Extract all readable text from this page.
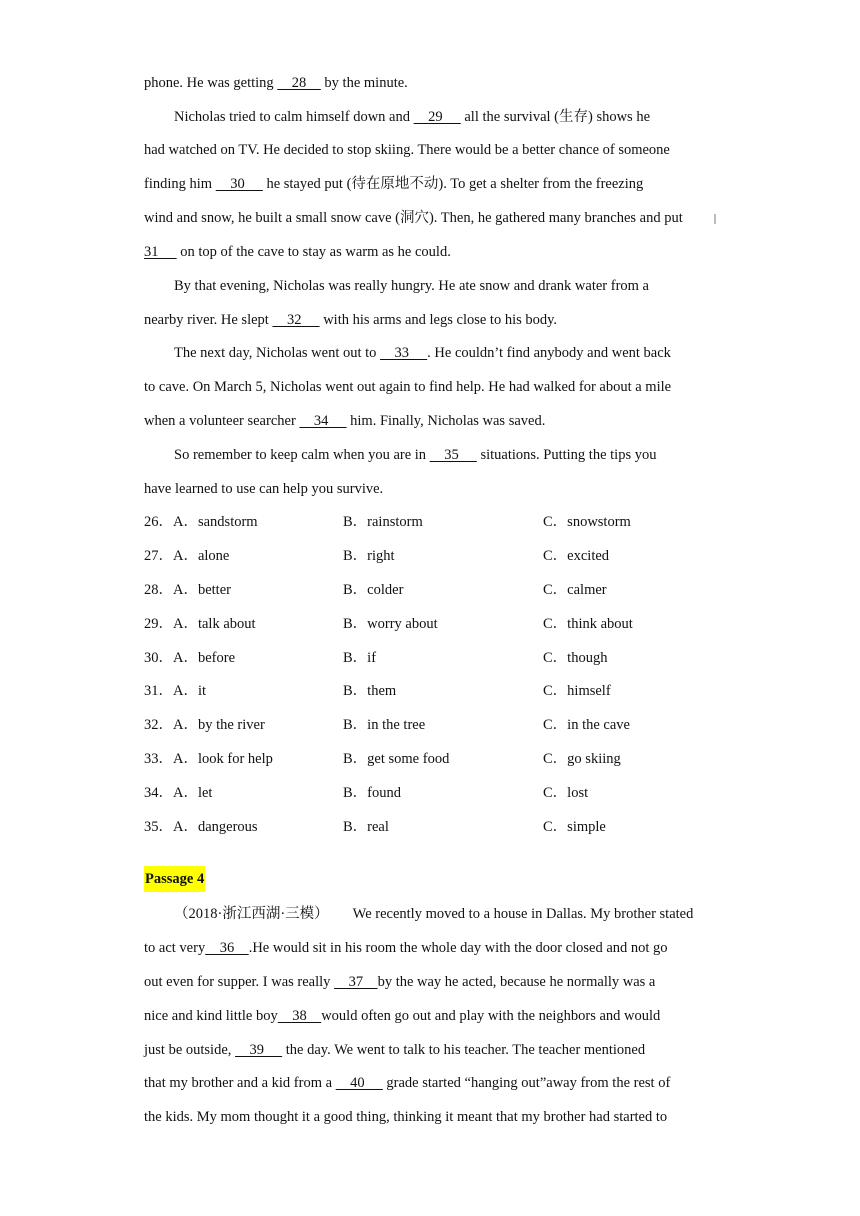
phone. He was getting     28     by the minute.
Nicholas tried to calm himself down and     29      all the survival (生存) shows he
had watched on TV. He decided to stop skiing. There would be a better chance of someone
finding him     30      he stayed put (待在原地不动). To get a shelter from the freezing
wind and snow, he built a small snow cave (洞穴). Then, he gathered many branches and put
31      on top of the cave to stay as warm as he could.
By that evening, Nicholas was really hungry. He ate snow and drank water from a
nearby river. He slept     32      with his arms and legs close to his body.
The next day, Nicholas went out to     33     . He couldn’t find anybody and went back
to cave. On March 5, Nicholas went out again to find help. He had walked for about a mile
when a volunteer searcher     34      him. Finally, Nicholas was saved.
So remember to keep calm when you are in     35      situations. Putting the tips you
have learned to use can help you survive.
26．A．sandstorm	B．rainstorm	C．snowstorm
27．A．alone	B．right	C．excited
28．A．better	B．colder	C．calmer
29．A．talk about	B．worry about	C．think about
30．A．before	B．if	C．though
31．A．it	B．them	C．himself
32．A．by the river	B．in the tree	C．in the cave
33．A．look for help	B．get some food	C．go skiing
34．A．let	B．found	C．lost
35．A．dangerous	B．real	C．simple
Passage 4
（2018·浙江西湖·三模） We recently moved to a house in Dallas. My brother stated
to act very    36    .He would sit in his room the whole day with the door closed and not go
out even for supper. I was really     37    by the way he acted, because he normally was a
nice and kind little boy    38    would often go out and play with the neighbors and would
just be outside,     39      the day. We went to talk to his teacher. The teacher mentioned
that my brother and a kid from a     40      grade started “hanging out”away from the rest of
the kids. My mom thought it a good thing, thinking it meant that my brother had started to
